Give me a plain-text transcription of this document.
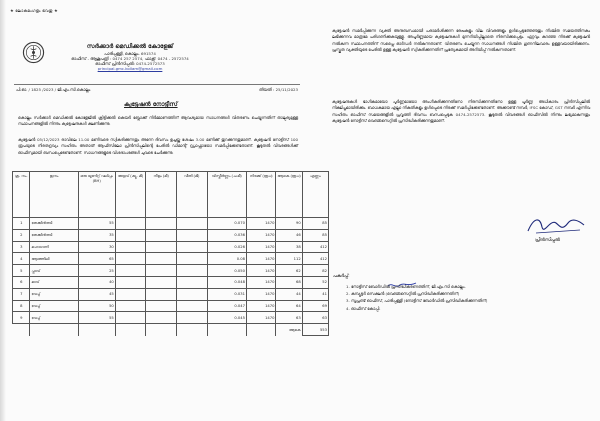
★ ലോകമംഗളം ഭവതു ★
സർക്കാർ മെഡിക്കൽ കോളേജ്
പാരിപ്പള്ളി, കൊല്ലം- 691574
ഓഫീസ് - ആശുപത്രി : 0474 257 2574, ഫാക്സ്: 0474 - 2572574
ഓഫീസ് പ്രിൻസിപ്പൽ: 0474-2572573
principal.gmc.kollam@gmail.com
പി.ഓ. / 1825 /2023 / ജി.എം.സി.കൊല്ലം	തീയതി : 25/11/2023
ക്വട്ടേഷൻ നോട്ടീസ്
കൊല്ലം സർക്കാർ മെഡിക്കൽ കോളേജിൽ ക്രിട്ടിക്കൽ കെയർ ബ്ലോക്ക് നിർമ്മാണത്തിന് ആവശ്യമായ സാധനങ്ങൾ വിതരണം ചെയ്യുന്നതിന് താല്പര്യമുള്ള സ്ഥാപനങ്ങളിൽ നിന്നും ക്വട്ടേഷനുകൾ ക്ഷണിക്കുന്നു.
ക്വട്ടേഷൻ 05/12/2023 രാവിലെ 11.00 മണിവരെ സ്വീകരിക്കുന്നതും അന്നേ ദിവസം ഉച്ചയ്ക്കു ശേഷം 3.00 മണിക്ക് തുറക്കുന്നതുമാണ്. ക്വട്ടേഷൻ നോട്ടീസ് 100 രൂപയുടെ നിരതദ്രവ്യം സഹിതം അതാത് ആഫീസിലോ പ്രിൻസിപ്പലിന്റെ പേരിൽ ഡിമാന്റ് ഡ്രാഫ്റ്റായോ സമർപ്പിക്കേണ്ടതാണ്. കൂടുതൽ വിവരങ്ങൾക്ക് ഓഫീസുമായി ബന്ധപ്പെടേണ്ടതാണ്. സാധനങ്ങളുടെ വിശദാംശങ്ങൾ ചുവടെ ചേർക്കുന്നു.
ക്ര. നം.	ഇനം	ഒരു യൂണിറ്റ് വലിപ്പം (BH)	അളവ് (ക്യൂ. മീ)	നീളം (മീ)	വീതി (മീ)	വിസ്തീർണ്ണം (ച.മീ)	നിരക്ക് (രൂപ)	ആകെ (രൂപ)	എണ്ണം
1	തേക്കിൻതടി	55				0.070	1470	90	85
2	തേക്കിൻതടി	35				0.036	1470	46	85
3	മഹാഗണി	30				0.026	1470	38	412
4	ആഞ്ഞിലി	65				0.08	1470	112	412
5	പ്ലാവ്	25				0.050	1470	62	82
6	മാവ്	40				0.048	1470	68	52
7	വേപ്പ്	45				0.031	1470	44	41
8	വേപ്പ്	50				0.047	1470	64	69
9	വേപ്പ്	55				0.045	1470	63	63
								ആകെ	553
ക്വട്ടേഷൻ സമർപ്പിക്കുന്ന വ്യക്തി അനുബന്ധമായി പരാമർശിക്കുന്ന രേഖകളും വില വിവരങ്ങളും ഉൾപ്പെടുത്തേണ്ടതും നിശ്ചിത സമയത്തിനകം ലഭിക്കുന്നവ മാത്രമേ പരിഗണിക്കുകയുള്ളൂ. അപൂർണ്ണമായ ക്വട്ടേഷനുകൾ മുന്നറിയിപ്പില്ലാതെ നിരസിക്കപ്പെടും. ഏറ്റവും കുറഞ്ഞ നിരക്ക് ക്വട്ടേഷൻ നൽകുന്ന സ്ഥാപനത്തിന് സപ്ലൈ ഓർഡർ നൽകുന്നതാണ്. വിതരണം ചെയ്യുന്ന സാധനങ്ങൾ നിശ്ചിത ഗുണനിലവാരം ഉള്ളവയായിരിക്കണം. പ്രസ്തുത വ്യക്തിയുടെ പേരിൽ ഉള്ള ക്വട്ടേഷൻ സ്വീകരിക്കുന്നതിന് പ്രത്യേകമായി അറിയിപ്പ് നൽകുന്നതാണ്.
ക്വട്ടേഷനുകൾ ഭാഗികമായോ പൂർണ്ണമായോ അംഗീകരിക്കുന്നതിനോ നിരസിക്കുന്നതിനോ ഉള്ള പൂർണ്ണ അധികാരം പ്രിൻസിപ്പലിൽ നിക്ഷിപ്തമായിരിക്കും. ബാധകമായ എല്ലാ നികുതികളും ഉൾപ്പെടെ നിരക്ക് സമർപ്പിക്കേണ്ടതാണ്. അക്കൗണ്ട് നമ്പർ, IFSC കോഡ്, GST നമ്പർ എന്നിവ സഹിതം ഓഫീസ് സമയങ്ങളിൽ പ്രവൃത്തി ദിവസം ബന്ധപ്പെടുക 0474-2572573. കൂടുതൽ വിവരങ്ങൾ ഓഫീസിൽ നിന്നും ലഭ്യമാകുന്നതും ക്വട്ടേഷൻ നോട്ടീസ് വെബ്സൈറ്റിൽ പ്രസിദ്ധീകരിക്കുന്നതുമാണ്.
പ്രിൻസിപ്പൽ
പകർപ്പ്:
1. നോട്ടീസ് ബോർഡിൽ പ്രസിദ്ധീകരണത്തിന്, ജി.എം.സി കൊല്ലം.
2. കമ്പ്യൂട്ടർ സെക്ഷൻ (വെബ്സൈറ്റിൽ പ്രസിദ്ധീകരിക്കുന്നതിന്)
3. സൂപ്രണ്ട് ഓഫീസ്, പാരിപ്പള്ളി (നോട്ടീസ് ബോർഡിൽ പ്രസിദ്ധീകരിക്കുന്നതിന്)
4. ഓഫീസ് കോപ്പി.
